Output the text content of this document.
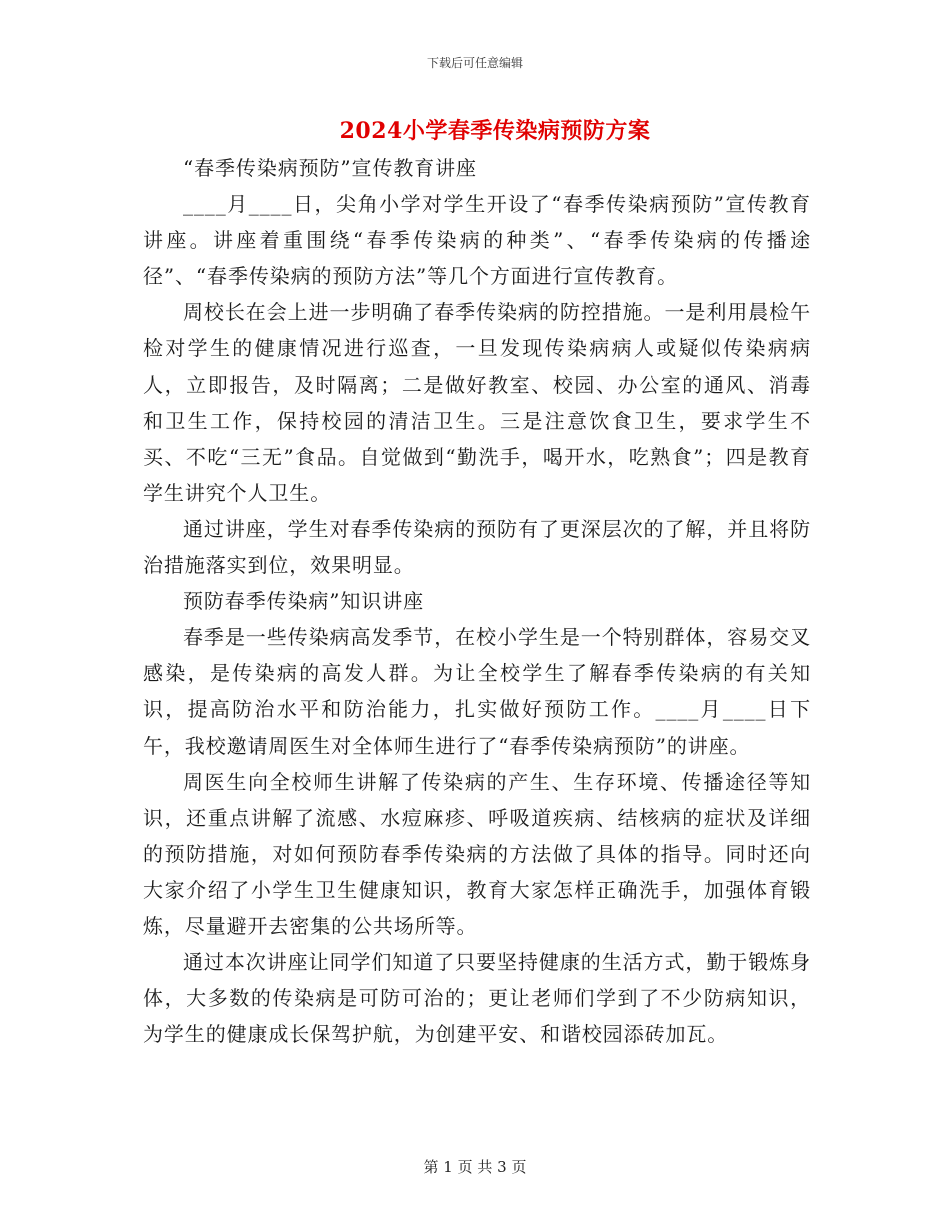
下载后可任意编辑
2024小学春季传染病预防方案

“春季传染病预防”宣传教育讲座

____月____日，尖角小学对学生开设了“春季传染病预防”宣传教育讲座。讲座着重围绕“春季传染病的种类”、“春季传染病的传播途径”、“春季传染病的预防方法”等几个方面进行宣传教育。

周校长在会上进一步明确了春季传染病的防控措施。一是利用晨检午检对学生的健康情况进行巡查，一旦发现传染病病人或疑似传染病病人，立即报告，及时隔离；二是做好教室、校园、办公室的通风、消毒和卫生工作，保持校园的清洁卫生。三是注意饮食卫生，要求学生不买、不吃“三无”食品。自觉做到“勤洗手，喝开水，吃熟食”；四是教育学生讲究个人卫生。

通过讲座，学生对春季传染病的预防有了更深层次的了解，并且将防治措施落实到位，效果明显。

预防春季传染病”知识讲座

春季是一些传染病高发季节，在校小学生是一个特别群体，容易交叉感染，是传染病的高发人群。为让全校学生了解春季传染病的有关知识，提高防治水平和防治能力，扎实做好预防工作。____月____日下午，我校邀请周医生对全体师生进行了“春季传染病预防”的讲座。

周医生向全校师生讲解了传染病的产生、生存环境、传播途径等知识，还重点讲解了流感、水痘麻疹、呼吸道疾病、结核病的症状及详细的预防措施，对如何预防春季传染病的方法做了具体的指导。同时还向大家介绍了小学生卫生健康知识，教育大家怎样正确洗手，加强体育锻炼，尽量避开去密集的公共场所等。

通过本次讲座让同学们知道了只要坚持健康的生活方式，勤于锻炼身体，大多数的传染病是可防可治的；更让老师们学到了不少防病知识，为学生的健康成长保驾护航，为创建平安、和谐校园添砖加瓦。

第 1 页 共 3 页
